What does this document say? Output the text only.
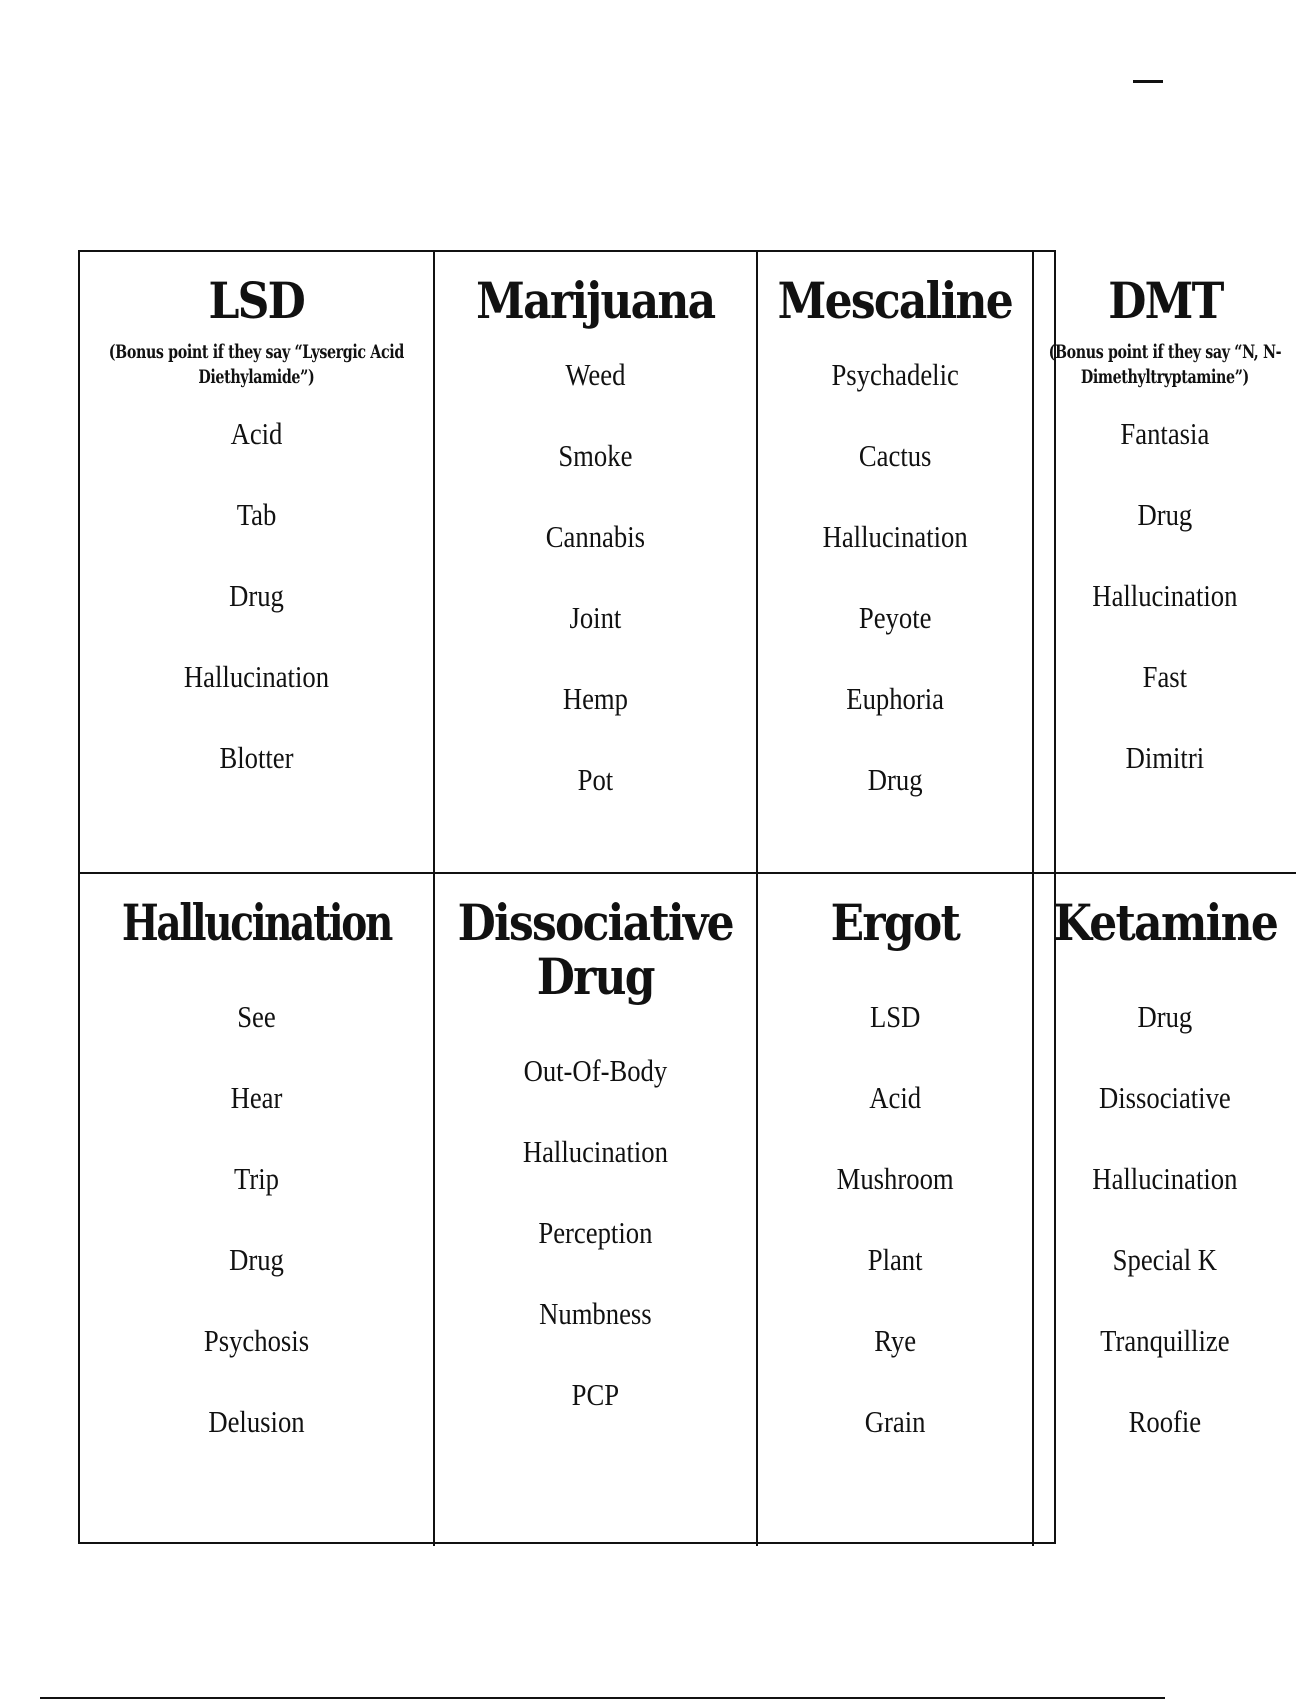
LSD
(Bonus point if they say “Lysergic Acid Diethylamide”)
Acid
Tab
Drug
Hallucination
Blotter
Marijuana
Weed
Smoke
Cannabis
Joint
Hemp
Pot
Mescaline
Psychadelic
Cactus
Hallucination
Peyote
Euphoria
Drug
DMT
(Bonus point if they say “N, N-Dimethyltryptamine”)
Fantasia
Drug
Hallucination
Fast
Dimitri
Hallucination
See
Hear
Trip
Drug
Psychosis
Delusion
Dissociative Drug
Out-Of-Body
Hallucination
Perception
Numbness
PCP
Ergot
LSD
Acid
Mushroom
Plant
Rye
Grain
Ketamine
Drug
Dissociative
Hallucination
Special K
Tranquillize
Roofie
